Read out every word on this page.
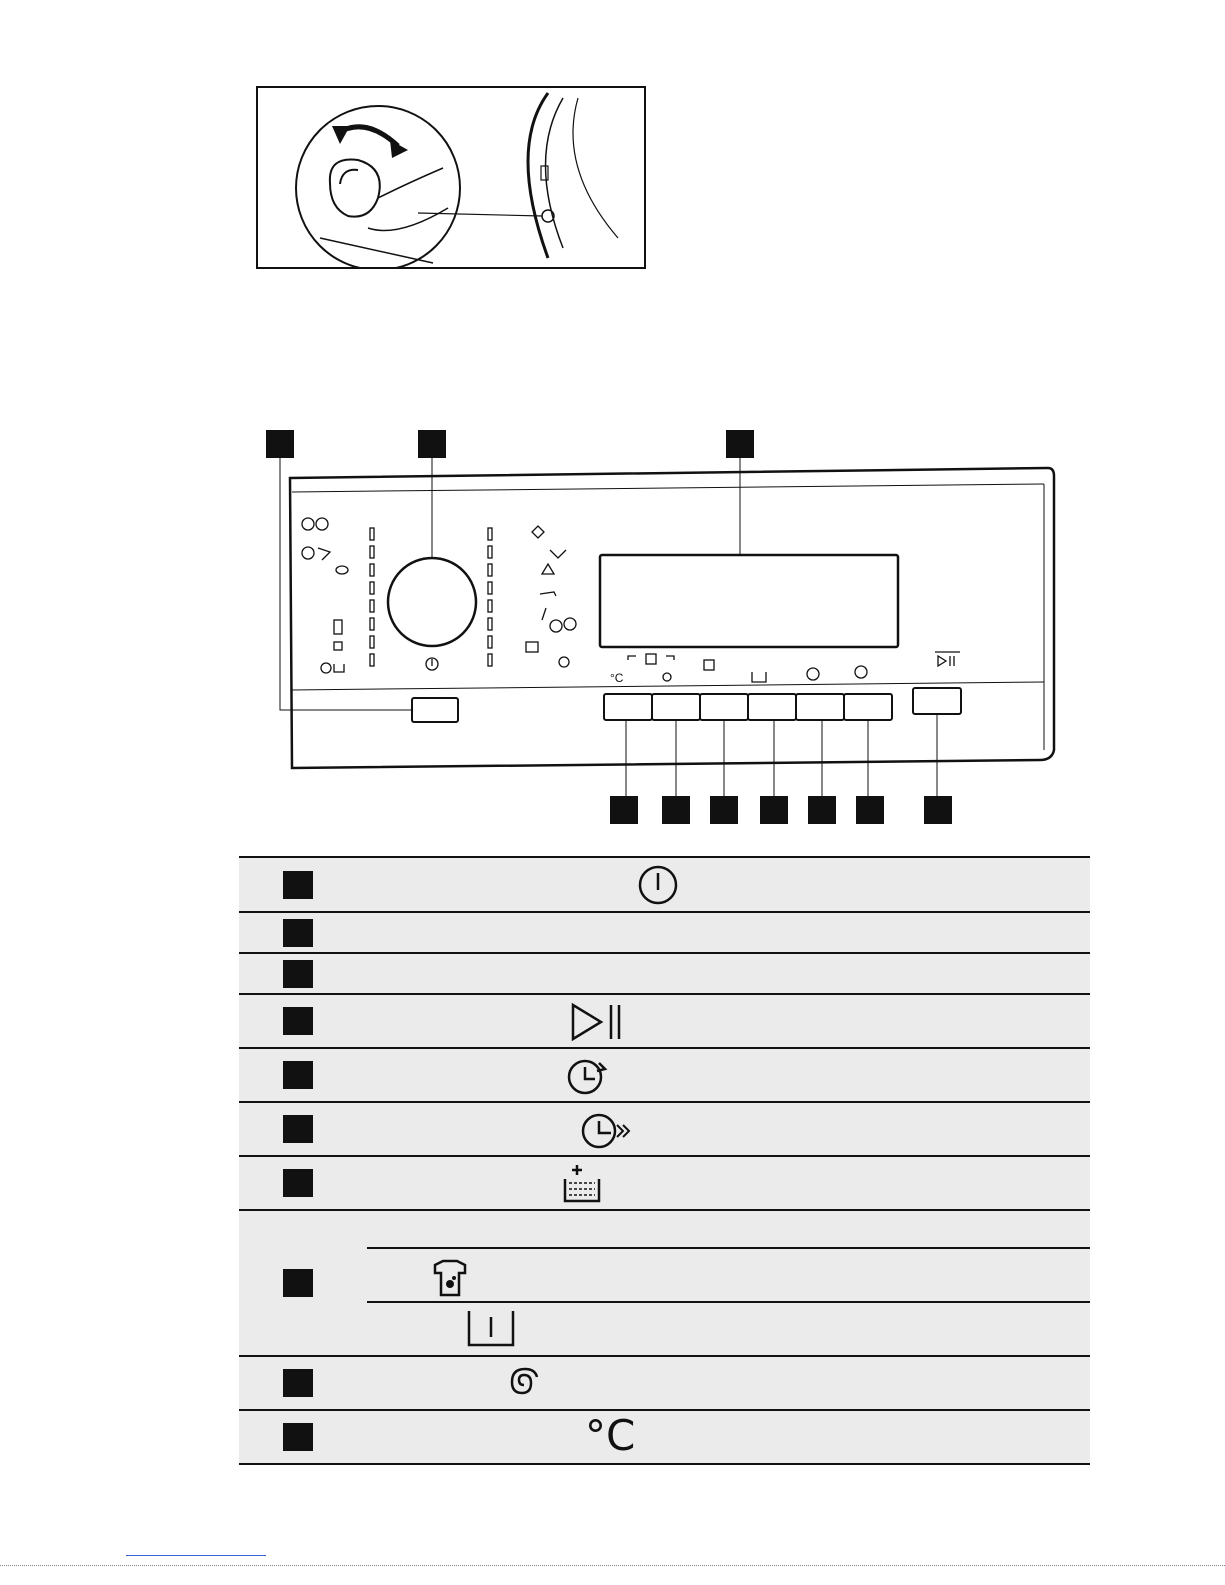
°C
°C
